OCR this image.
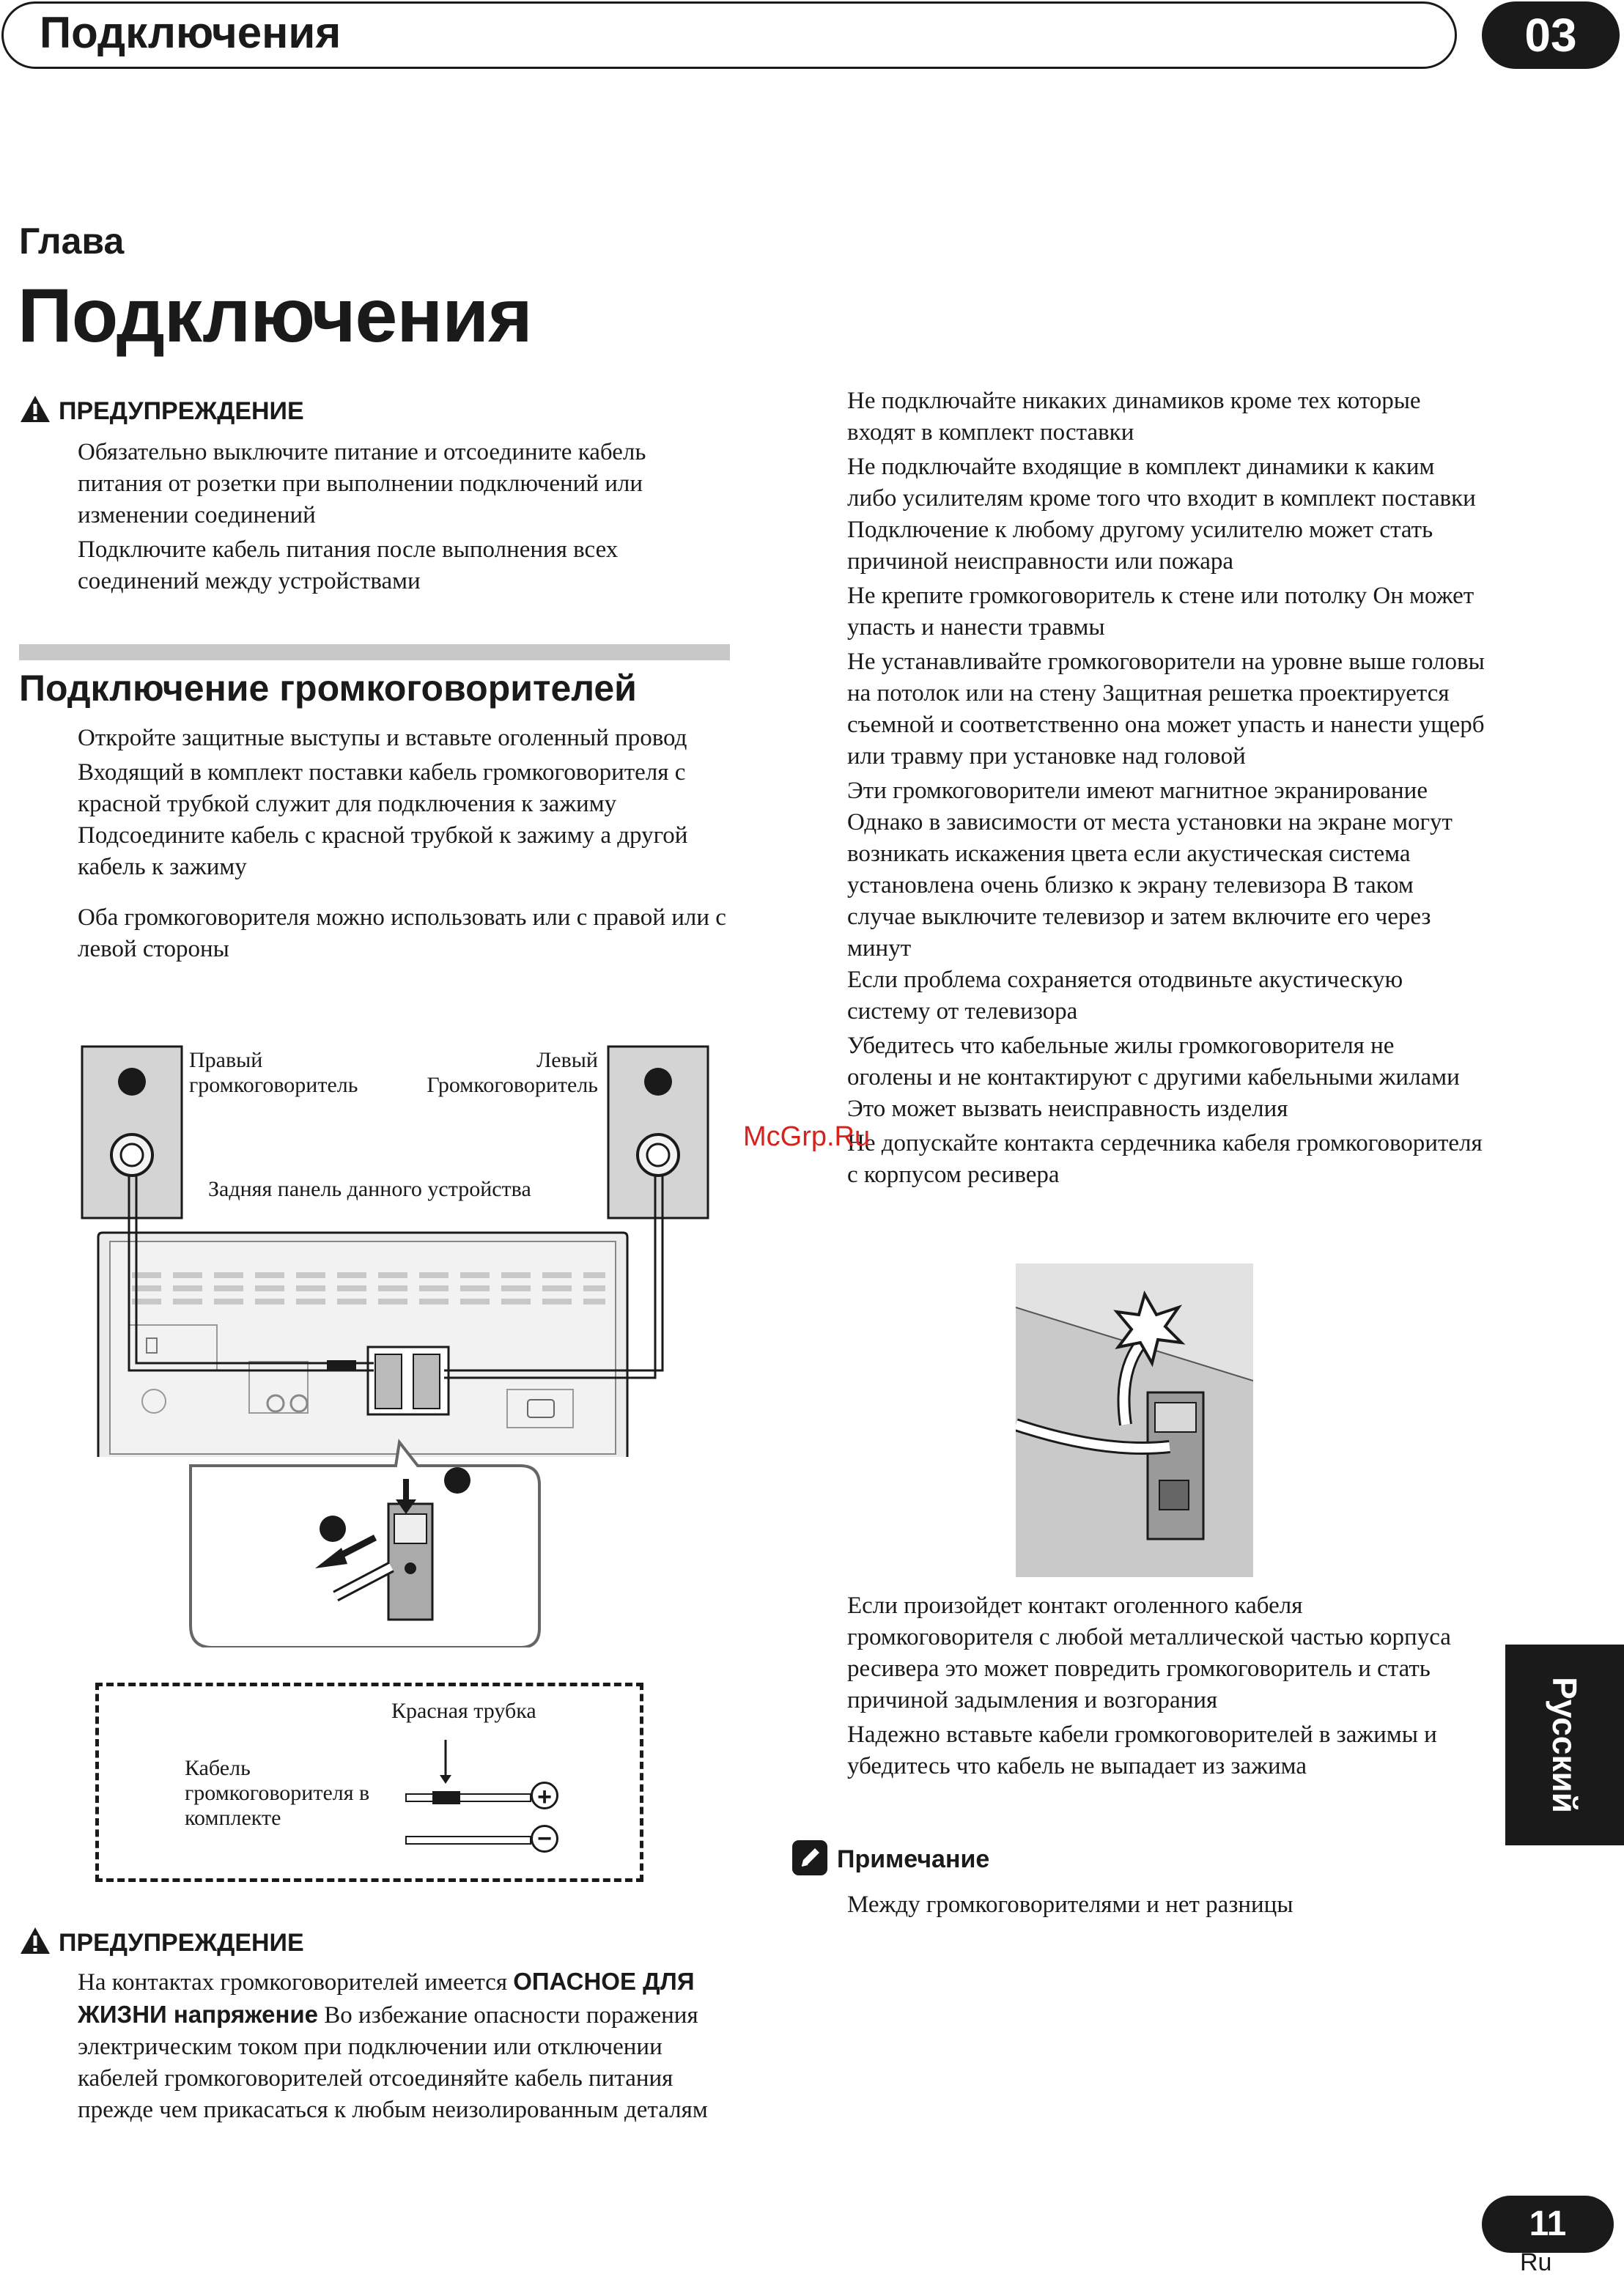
Подключения	03
Глава
Подключения
ПРЕДУПРЕЖДЕНИЕ

Обязательно выключите питание и отсоедините кабель питания от розетки при выполнении подключений или изменении соединений

Подключите кабель питания после выполнения всех соединений между устройствами

Подключение громкоговорителей

Откройте защитные выступы и вставьте оголенный провод

Входящий в комплект поставки кабель громкоговорителя с красной трубкой служит для подключения к зажиму Подсоедините кабель с красной трубкой к зажиму а другой кабель к зажиму

Оба громкоговорителя можно использовать или с правой или с левой стороны

Правый громкоговоритель
Левый Громкоговоритель
Задняя панель данного устройства
Красная трубка
Кабель громкоговорителя в комплекте
+
−
ПРЕДУПРЕЖДЕНИЕ
На контактах громкоговорителей имеется ОПАСНОЕ ДЛЯ ЖИЗНИ напряжение Во избежание опасности поражения электрическим током при подключении или отключении кабелей громкоговорителей отсоединяйте кабель питания прежде чем прикасаться к любым неизолированным деталям

Не подключайте никаких динамиков кроме тех которые входят в комплект поставки

Не подключайте входящие в комплект динамики к каким либо усилителям кроме того что входит в комплект поставки Подключение к любому другому усилителю может стать причиной неисправности или пожара

Не крепите громкоговоритель к стене или потолку Он может упасть и нанести травмы

Не устанавливайте громкоговорители на уровне выше головы на потолок или на стену Защитная решетка проектируется съемной и соответственно она может упасть и нанести ущерб или травму при установке над головой

Эти громкоговорители имеют магнитное экранирование Однако в зависимости от места установки на экране могут возникать искажения цвета если акустическая система установлена очень близко к экрану телевизора В таком случае выключите телевизор и затем включите его через минут

Если проблема сохраняется отодвиньте акустическую систему от телевизора

Убедитесь что кабельные жилы громкоговорителя не оголены и не контактируют с другими кабельными жилами Это может вызвать неисправность изделия

Не допускайте контакта сердечника кабеля громкоговорителя с корпусом ресивера

McGrp.Ru

Если произойдет контакт оголенного кабеля громкоговорителя с любой металлической частью корпуса ресивера это может повредить громкоговоритель и стать причиной задымления и возгорания

Надежно вставьте кабели громкоговорителей в зажимы и убедитесь что кабель не выпадает из зажима

Примечание
Между громкоговорителями и нет разницы
Русский
11
Ru
